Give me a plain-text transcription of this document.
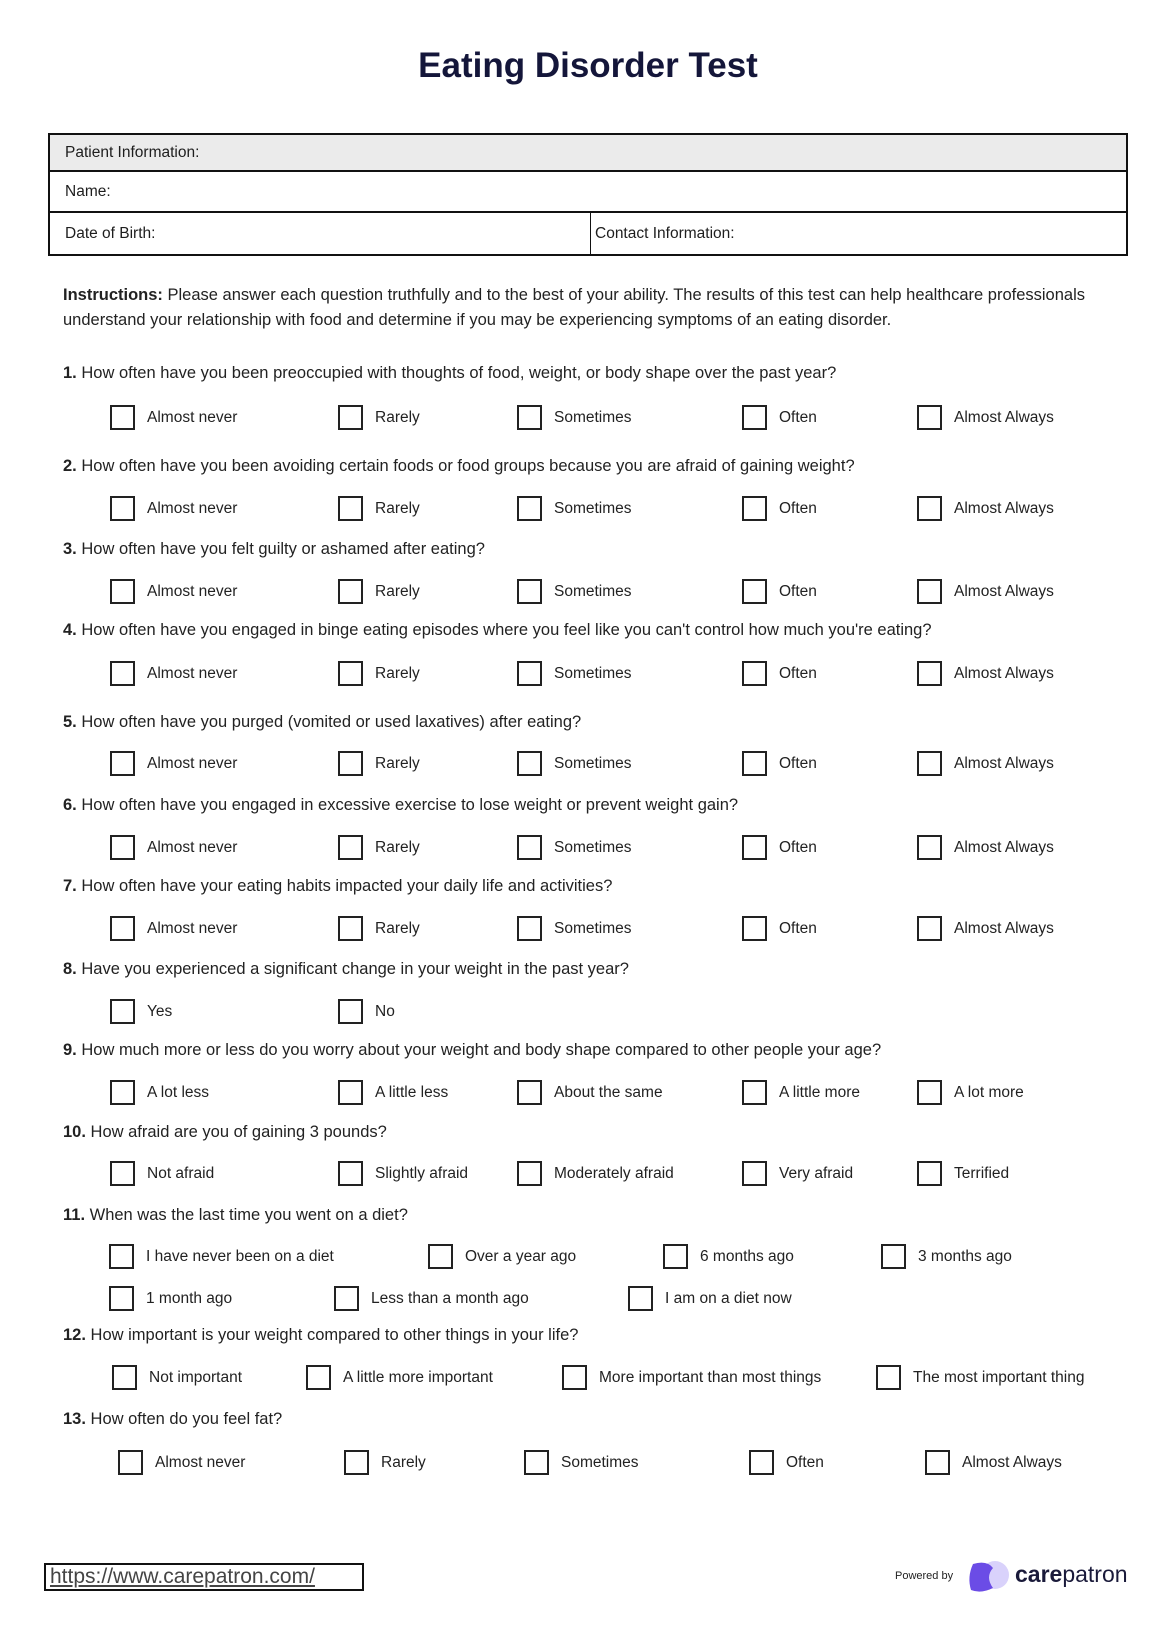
Eating Disorder Test
Patient Information:
Name:
Date of Birth:	Contact Information:
Instructions: Please answer each question truthfully and to the best of your ability. The results of this test can help healthcare professionals understand your relationship with food and determine if you may be experiencing symptoms of an eating disorder.
1. How often have you been preoccupied with thoughts of food, weight, or body shape over the past year?
Almost never	Rarely	Sometimes	Often	Almost Always
2. How often have you been avoiding certain foods or food groups because you are afraid of gaining weight?
Almost never	Rarely	Sometimes	Often	Almost Always
3. How often have you felt guilty or ashamed after eating?
Almost never	Rarely	Sometimes	Often	Almost Always
4. How often have you engaged in binge eating episodes where you feel like you can't control how much you're eating?
Almost never	Rarely	Sometimes	Often	Almost Always
5. How often have you purged (vomited or used laxatives) after eating?
Almost never	Rarely	Sometimes	Often	Almost Always
6. How often have you engaged in excessive exercise to lose weight or prevent weight gain?
Almost never	Rarely	Sometimes	Often	Almost Always
7. How often have your eating habits impacted your daily life and activities?
Almost never	Rarely	Sometimes	Often	Almost Always
8. Have you experienced a significant change in your weight in the past year?
Yes	No
9. How much more or less do you worry about your weight and body shape compared to other people your age?
A lot less	A little less	About the same	A little more	A lot more
10. How afraid are you of gaining 3 pounds?
Not afraid	Slightly afraid	Moderately afraid	Very afraid	Terrified
11. When was the last time you went on a diet?
I have never been on a diet	Over a year ago	6 months ago	3 months ago
1 month ago	Less than a month ago	I am on a diet now
12. How important is your weight compared to other things in your life?
Not important	A little more important	More important than most things	The most important thing
13. How often do you feel fat?
Almost never	Rarely	Sometimes	Often	Almost Always
https://www.carepatron.com/	Powered by	carepatron
